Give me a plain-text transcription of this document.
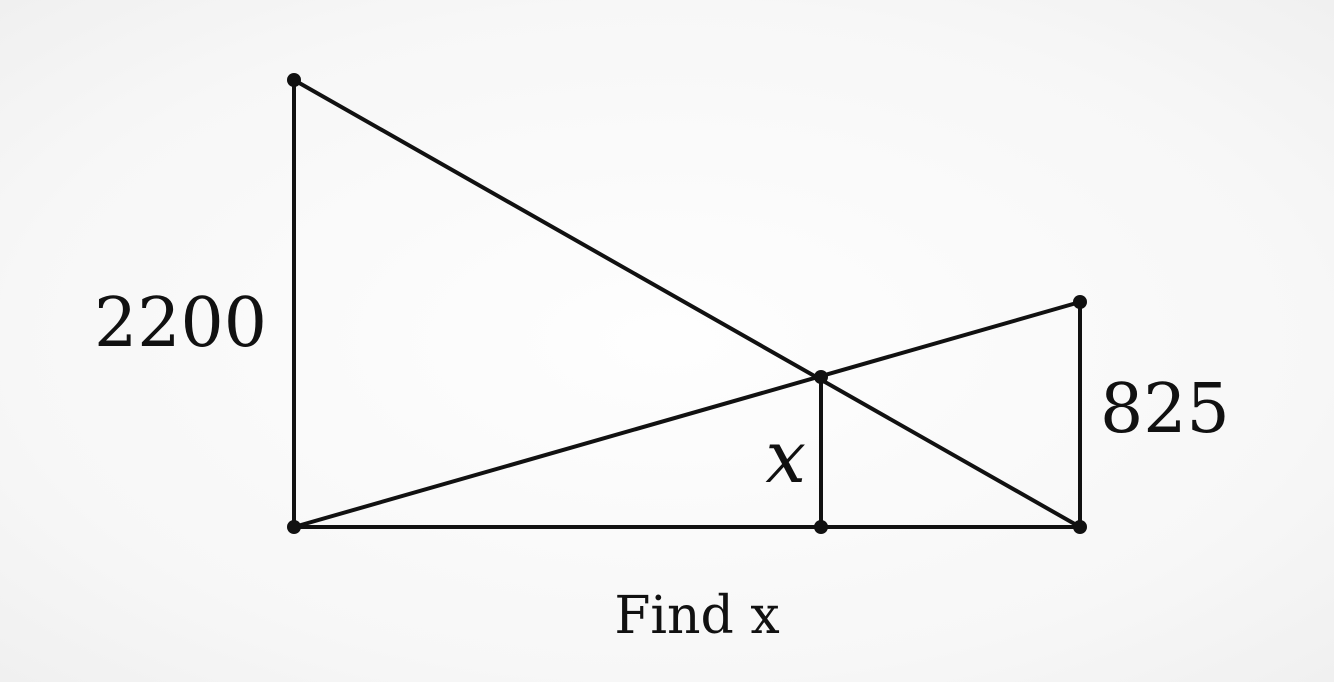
2200
825
x
Find x
